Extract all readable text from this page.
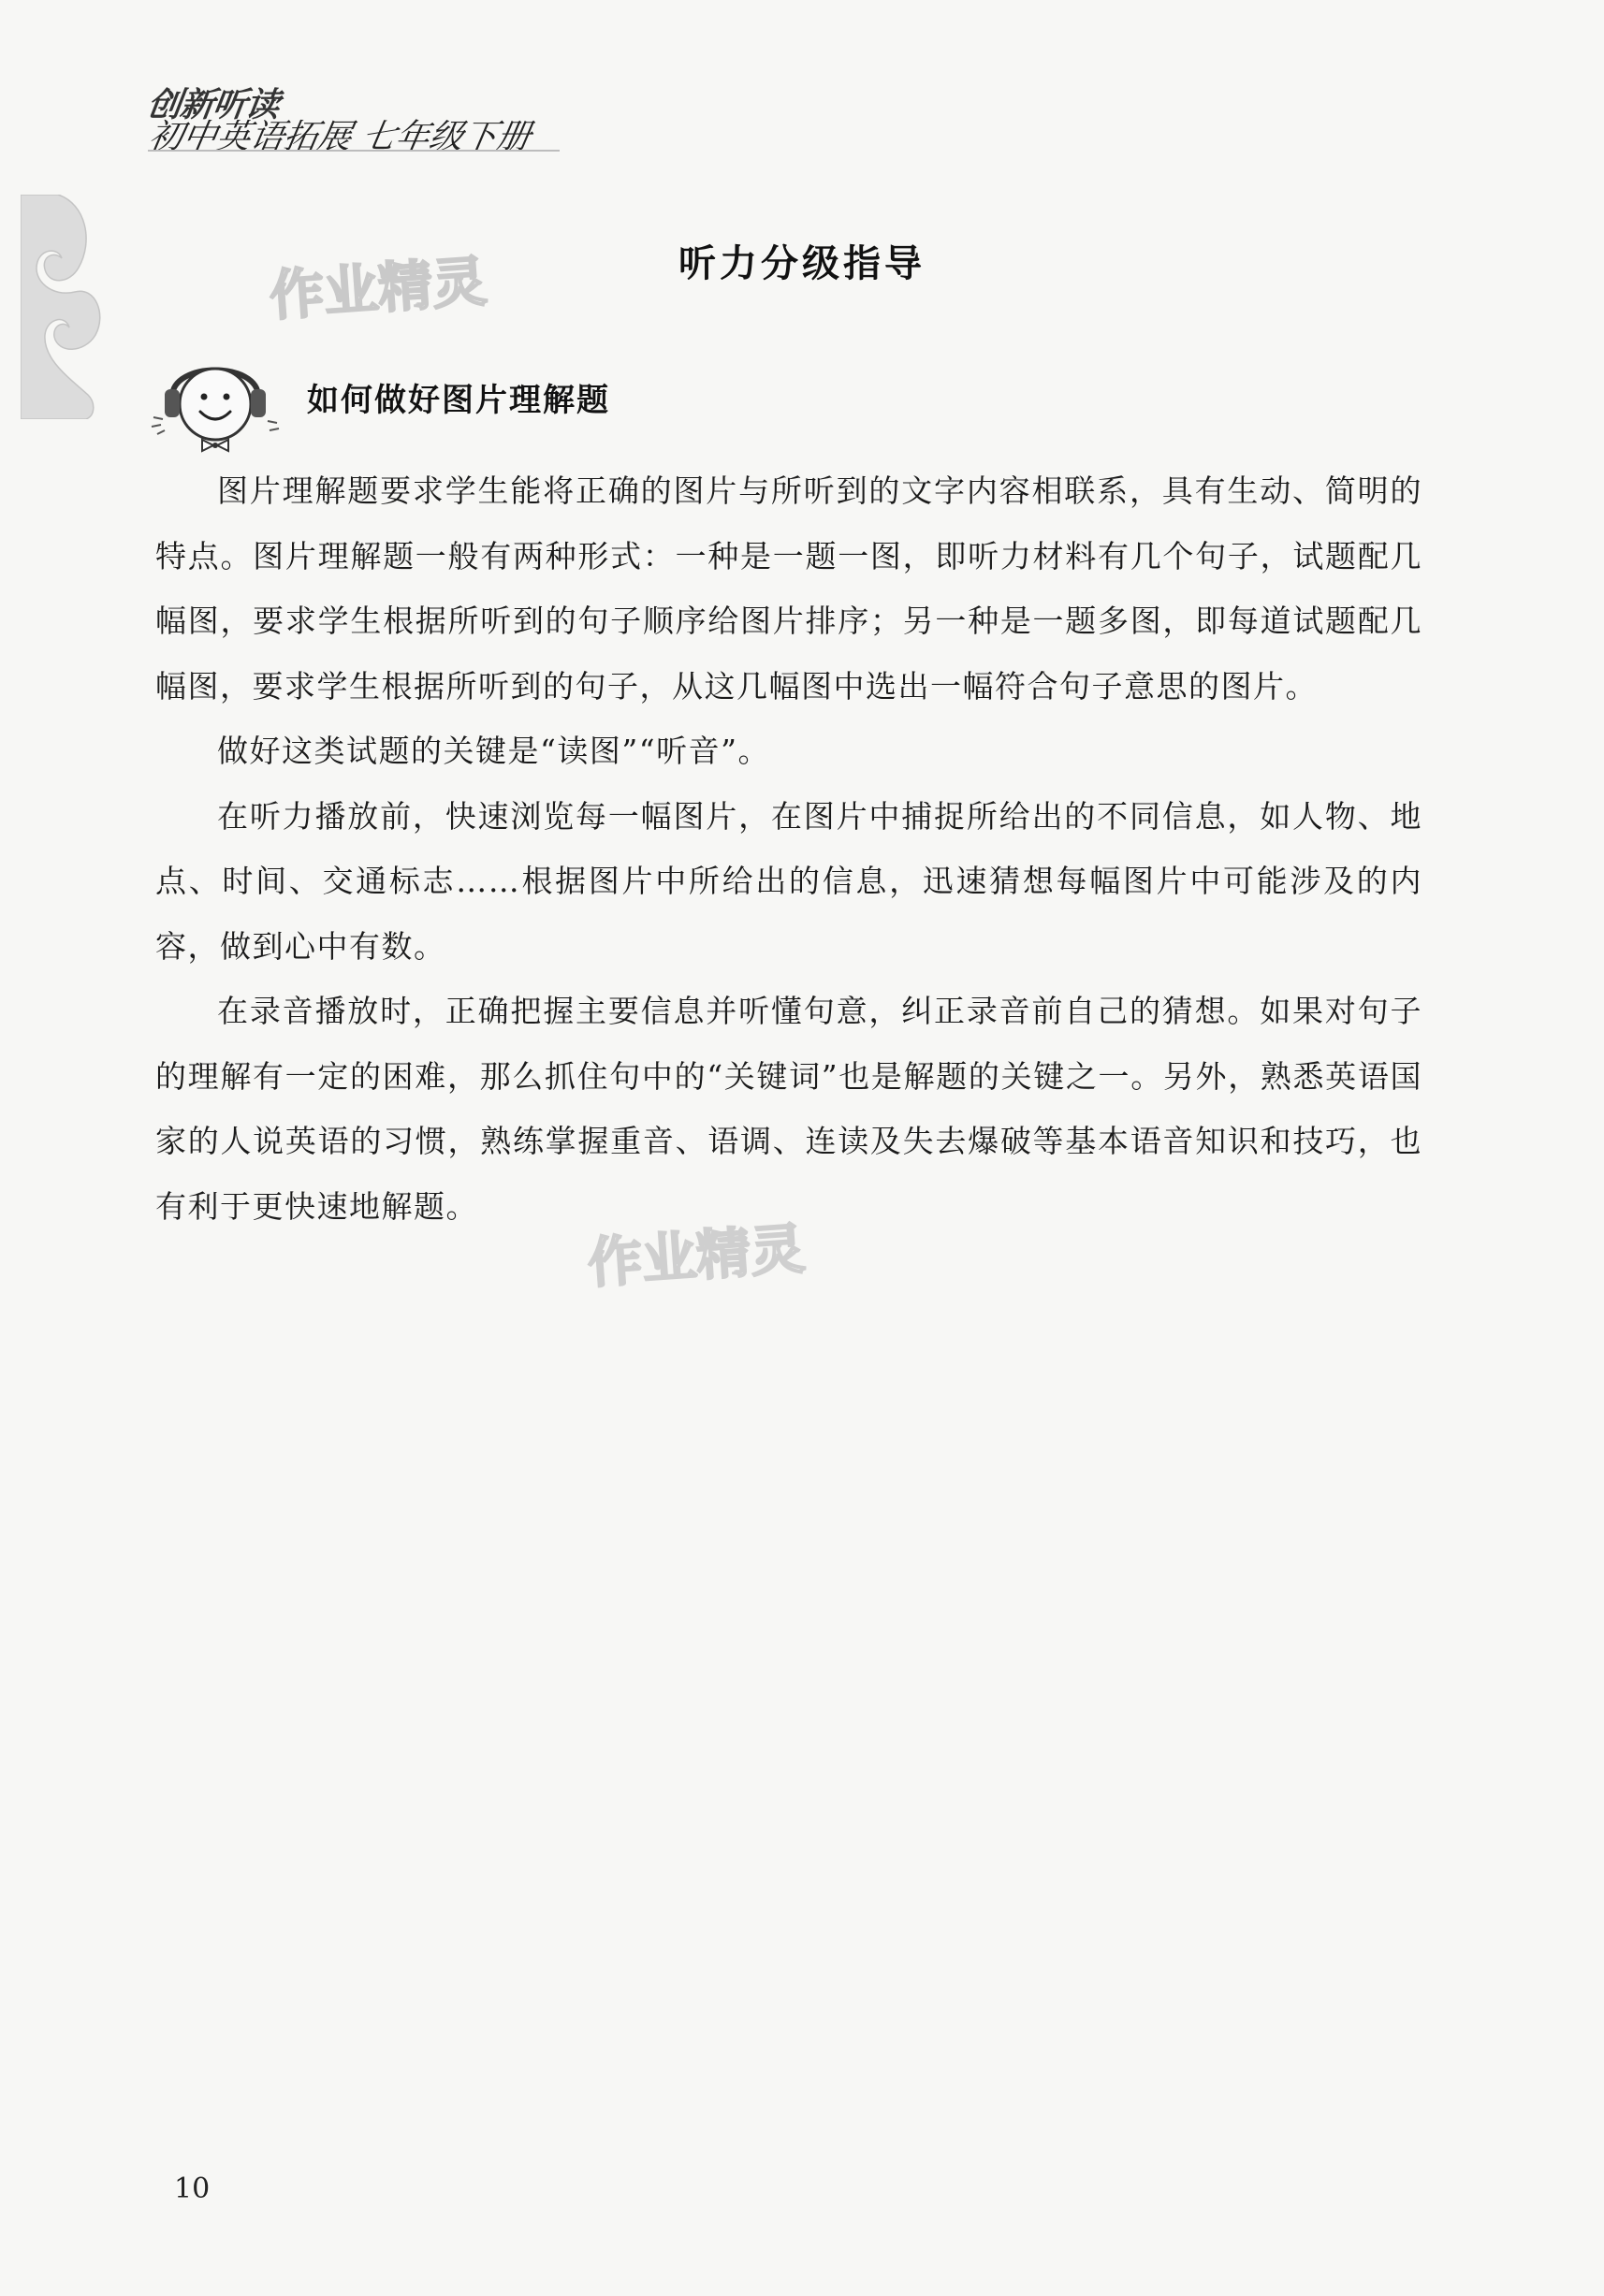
创新听读
初中英语拓展 七年级下册
听力分级指导
作业精灵
如何做好图片理解题

图片理解题要求学生能将正确的图片与所听到的文字内容相联系，具有生动、简明的特点。图片理解题一般有两种形式：一种是一题一图，即听力材料有几个句子，试题配几幅图，要求学生根据所听到的句子顺序给图片排序；另一种是一题多图，即每道试题配几幅图，要求学生根据所听到的句子，从这几幅图中选出一幅符合句子意思的图片。

做好这类试题的关键是“读图”“听音”。

在听力播放前，快速浏览每一幅图片，在图片中捕捉所给出的不同信息，如人物、地点、时间、交通标志……根据图片中所给出的信息，迅速猜想每幅图片中可能涉及的内容，做到心中有数。

在录音播放时，正确把握主要信息并听懂句意，纠正录音前自己的猜想。如果对句子的理解有一定的困难，那么抓住句中的“关键词”也是解题的关键之一。另外，熟悉英语国家的人说英语的习惯，熟练掌握重音、语调、连读及失去爆破等基本语音知识和技巧，也有利于更快速地解题。

作业精灵
10
